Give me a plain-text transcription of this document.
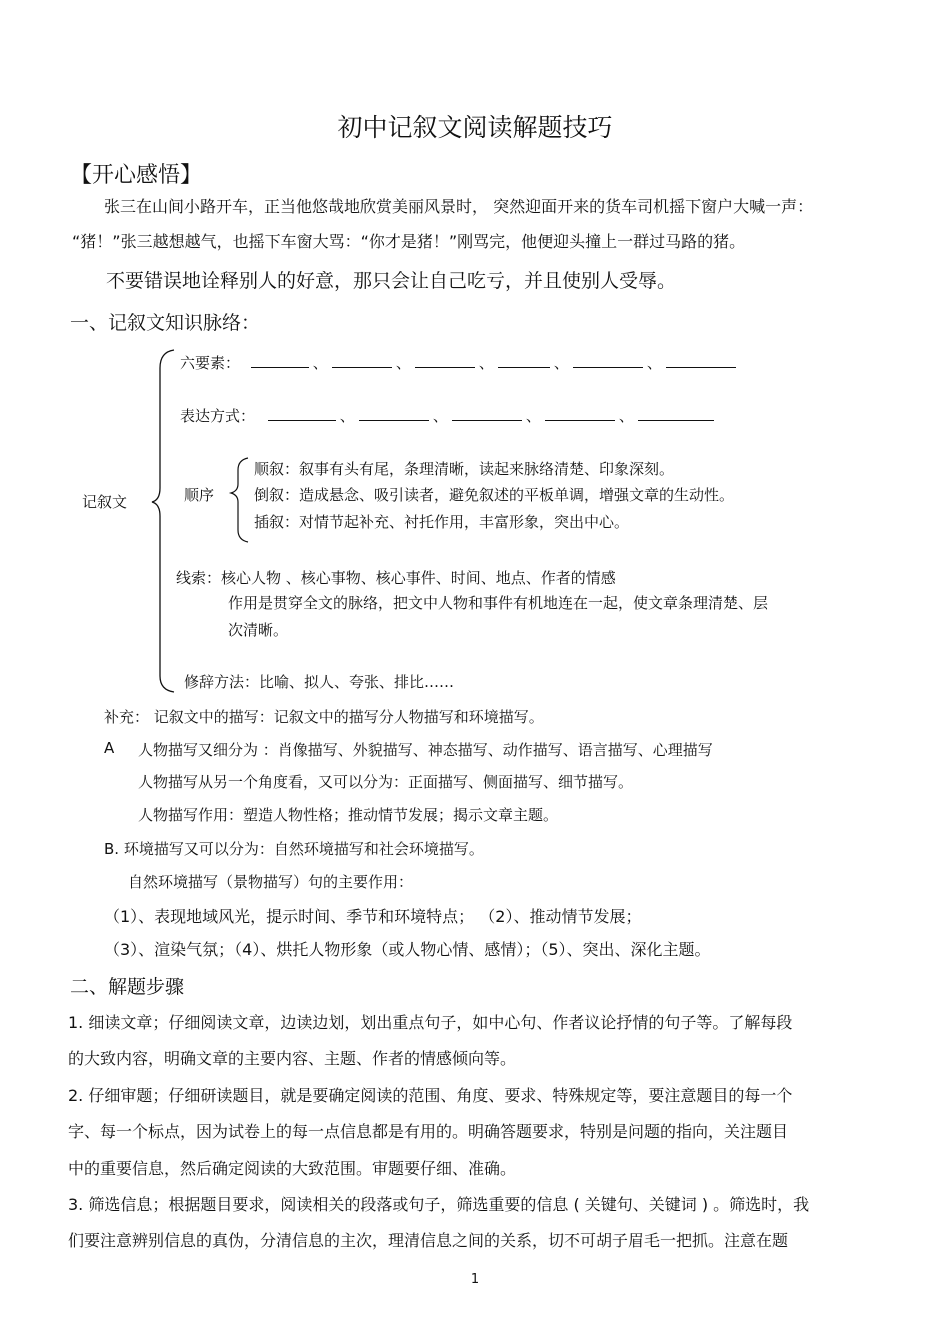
初中记叙文阅读解题技巧
【开心感悟】
张三在山间小路开车，正当他悠哉地欣赏美丽风景时， 突然迎面开来的货车司机摇下窗户大喊一声：
“猪！”张三越想越气，也摇下车窗大骂：“你才是猪！”刚骂完，他便迎头撞上一群过马路的猪。
不要错误地诠释别人的好意，那只会让自己吃亏，并且使别人受辱。
一、记叙文知识脉络：
记叙文
六要素：	、	、	、	、	、
表达方式：	、	、	、	、
顺序
顺叙：叙事有头有尾，条理清晰，读起来脉络清楚、印象深刻。
倒叙：造成悬念、吸引读者，避免叙述的平板单调，增强文章的生动性。
插叙：对情节起补充、衬托作用，丰富形象，突出中心。
线索：核心人物 、核心事物、核心事件、时间、地点、作者的情感
作用是贯穿全文的脉络，把文中人物和事件有机地连在一起，使文章条理清楚、层
次清晰。
修辞方法：比喻、拟人、夸张、排比……
补充： 记叙文中的描写：记叙文中的描写分人物描写和环境描写。
A 人物描写又细分为 ：肖像描写、外貌描写、神态描写、动作描写、语言描写、心理描写
人物描写从另一个角度看，又可以分为：正面描写、侧面描写、细节描写。
人物描写作用：塑造人物性格；推动情节发展；揭示文章主题。
B. 环境描写又可以分为：自然环境描写和社会环境描写。
自然环境描写（景物描写）句的主要作用：
（1）、表现地域风光，提示时间、季节和环境特点； （2）、推动情节发展；
（3）、渲染气氛；（4）、烘托人物形象（或人物心情、感情）；（5）、突出、深化主题。
二、解题步骤
1. 细读文章；仔细阅读文章，边读边划，划出重点句子，如中心句、作者议论抒情的句子等。了解每段
的大致内容，明确文章的主要内容、主题、作者的情感倾向等。
2. 仔细审题；仔细研读题目，就是要确定阅读的范围、角度、要求、特殊规定等，要注意题目的每一个
字、每一个标点，因为试卷上的每一点信息都是有用的。明确答题要求，特别是问题的指向，关注题目
中的重要信息，然后确定阅读的大致范围。审题要仔细、准确。
3. 筛选信息；根据题目要求，阅读相关的段落或句子，筛选重要的信息 ( 关键句、关键词 ) 。筛选时，我
们要注意辨别信息的真伪，分清信息的主次，理清信息之间的关系，切不可胡子眉毛一把抓。注意在题
1
